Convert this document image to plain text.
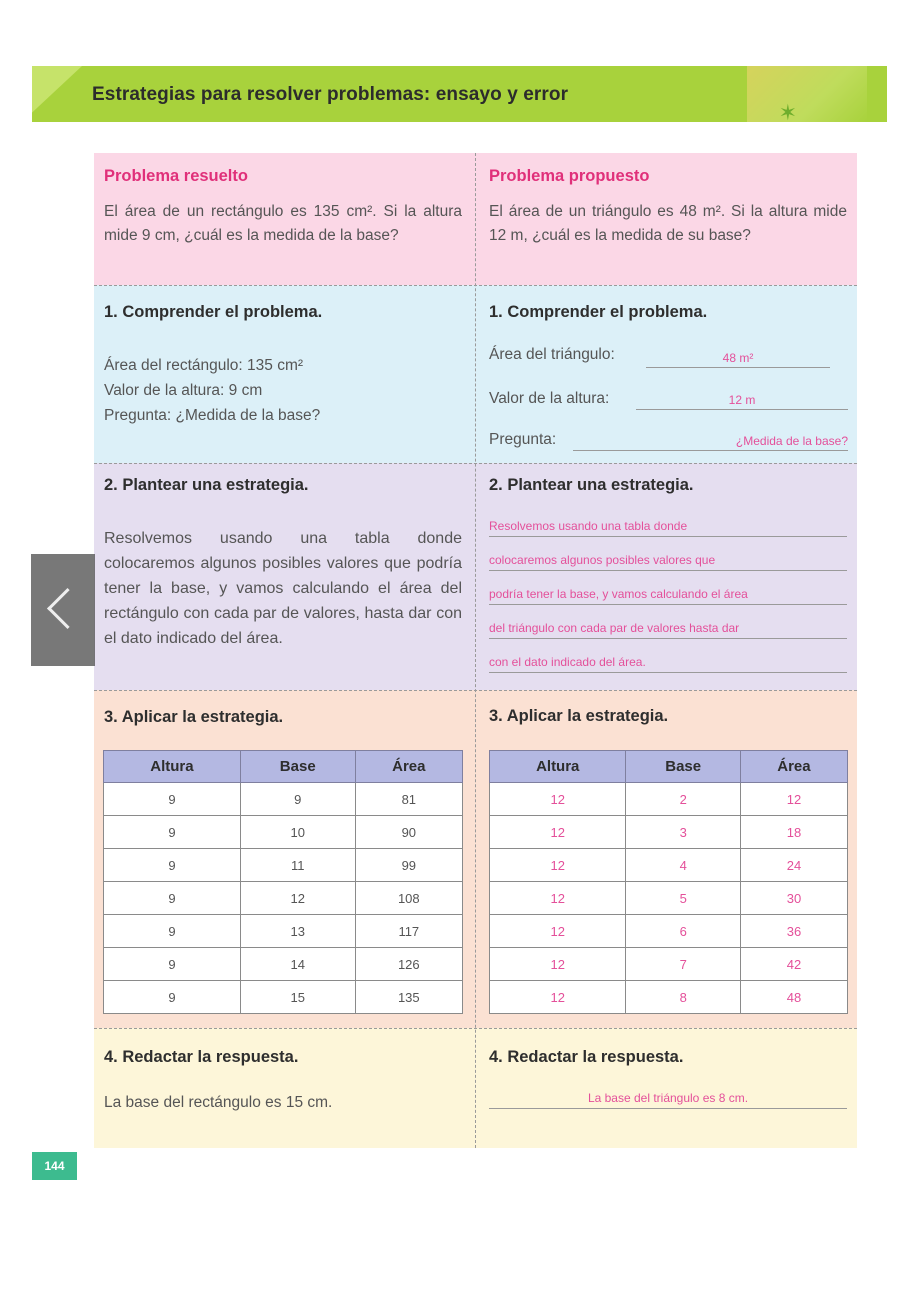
✶
Estrategias para resolver problemas: ensayo y error
Problema resuelto
El área de un rectángulo es 135 cm². Si la altura mide 9 cm, ¿cuál es la medida de la base?
Problema propuesto
El área de un triángulo es 48 m². Si la altura mide 12 m, ¿cuál es la medida de su base?
1. Comprender el problema.
Área del rectángulo: 135 cm²
Valor de la altura: 9 cm
Pregunta: ¿Medida de la base?
1. Comprender el problema.
Área del triángulo:	48 m²
Valor de la altura:	12 m
Pregunta:	¿Medida de la base?
2. Plantear una estrategia.
Resolvemos usando una tabla donde colocaremos algunos posibles valores que podría tener la base, y vamos calculando el área del rectángulo con cada par de valores, hasta dar con el dato indicado del área.
2. Plantear una estrategia.
Resolvemos usando una tabla donde
colocaremos algunos posibles valores que
podría tener la base, y vamos calculando el área
del triángulo con cada par de valores hasta dar
con el dato indicado del área.
3. Aplicar la estrategia.
Altura	Base	Área
9	9	81
9	10	90
9	11	99
9	12	108
9	13	117
9	14	126
9	15	135
3. Aplicar la estrategia.
Altura	Base	Área
12	2	12
12	3	18
12	4	24
12	5	30
12	6	36
12	7	42
12	8	48
4. Redactar la respuesta.
La base del rectángulo es 15 cm.
4. Redactar la respuesta.
La base del triángulo es 8 cm.
144
